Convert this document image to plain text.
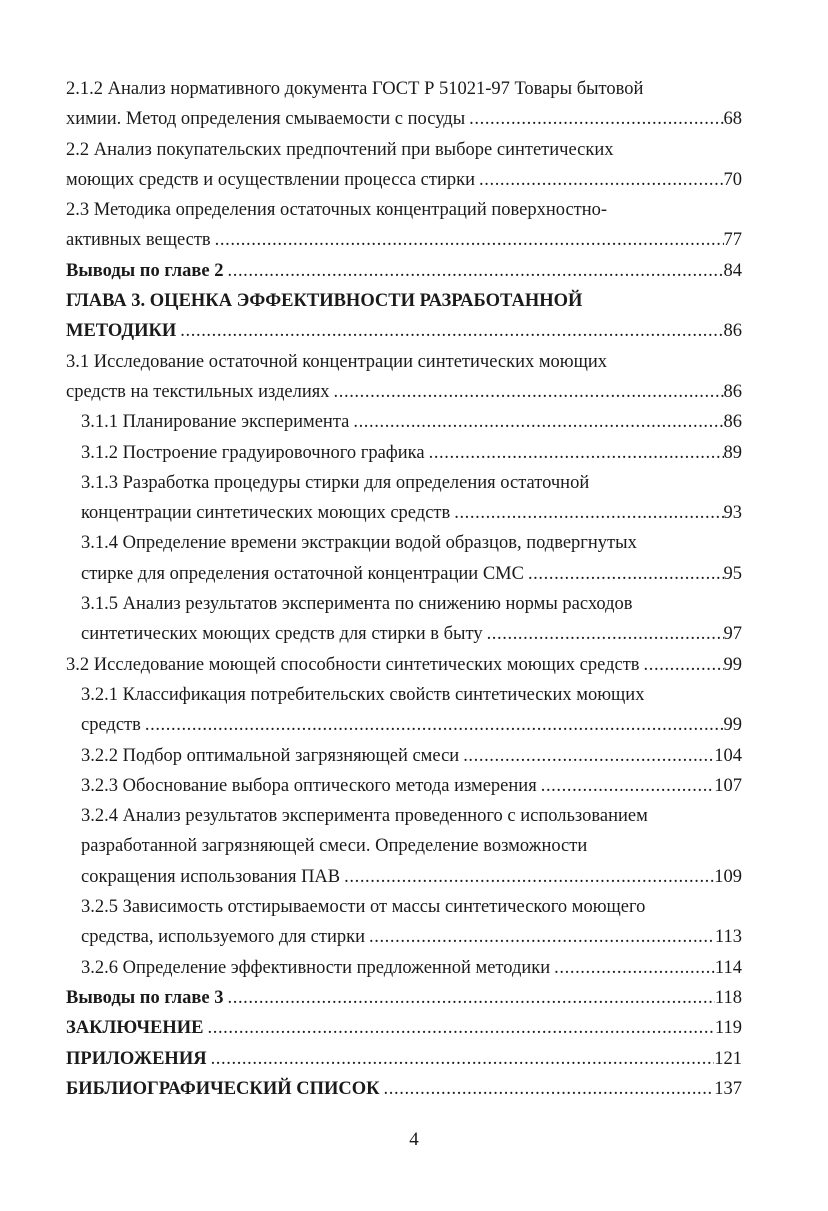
2.1.2 Анализ нормативного документа ГОСТ Р 51021-97 Товары бытовой
химии. Метод определения смываемости с посуды .....	68
2.2 Анализ покупательских предпочтений при выборе синтетических
моющих средств и осуществлении процесса стирки .....	70
2.3 Методика определения остаточных концентраций поверхностно-
активных веществ .....	77
Выводы по главе 2 .....	84
ГЛАВА 3. ОЦЕНКА ЭФФЕКТИВНОСТИ РАЗРАБОТАННОЙ
МЕТОДИКИ .....	86
3.1 Исследование остаточной концентрации синтетических моющих
средств на текстильных изделиях .....	86
3.1.1 Планирование эксперимента .....	86
3.1.2 Построение градуировочного графика .....	89
3.1.3 Разработка процедуры стирки для определения остаточной
концентрации синтетических моющих средств .....	93
3.1.4 Определение времени экстракции водой образцов, подвергнутых
стирке для определения остаточной концентрации СМС .....	95
3.1.5 Анализ результатов эксперимента по снижению нормы расходов
синтетических моющих средств для стирки в быту .....	97
3.2 Исследование моющей способности синтетических моющих средств .....	99
3.2.1 Классификация потребительских свойств синтетических моющих
средств .....	99
3.2.2 Подбор оптимальной загрязняющей смеси .....	104
3.2.3 Обоснование выбора оптического метода измерения .....	107
3.2.4 Анализ результатов эксперимента проведенного с использованием
разработанной загрязняющей смеси. Определение возможности
сокращения использования ПАВ .....	109
3.2.5 Зависимость отстирываемости от массы синтетического моющего
средства, используемого для стирки .....	113
3.2.6 Определение эффективности предложенной методики .....	114
Выводы по главе 3 .....	118
ЗАКЛЮЧЕНИЕ .....	119
ПРИЛОЖЕНИЯ .....	121
БИБЛИОГРАФИЧЕСКИЙ СПИСОК .....	137
4
